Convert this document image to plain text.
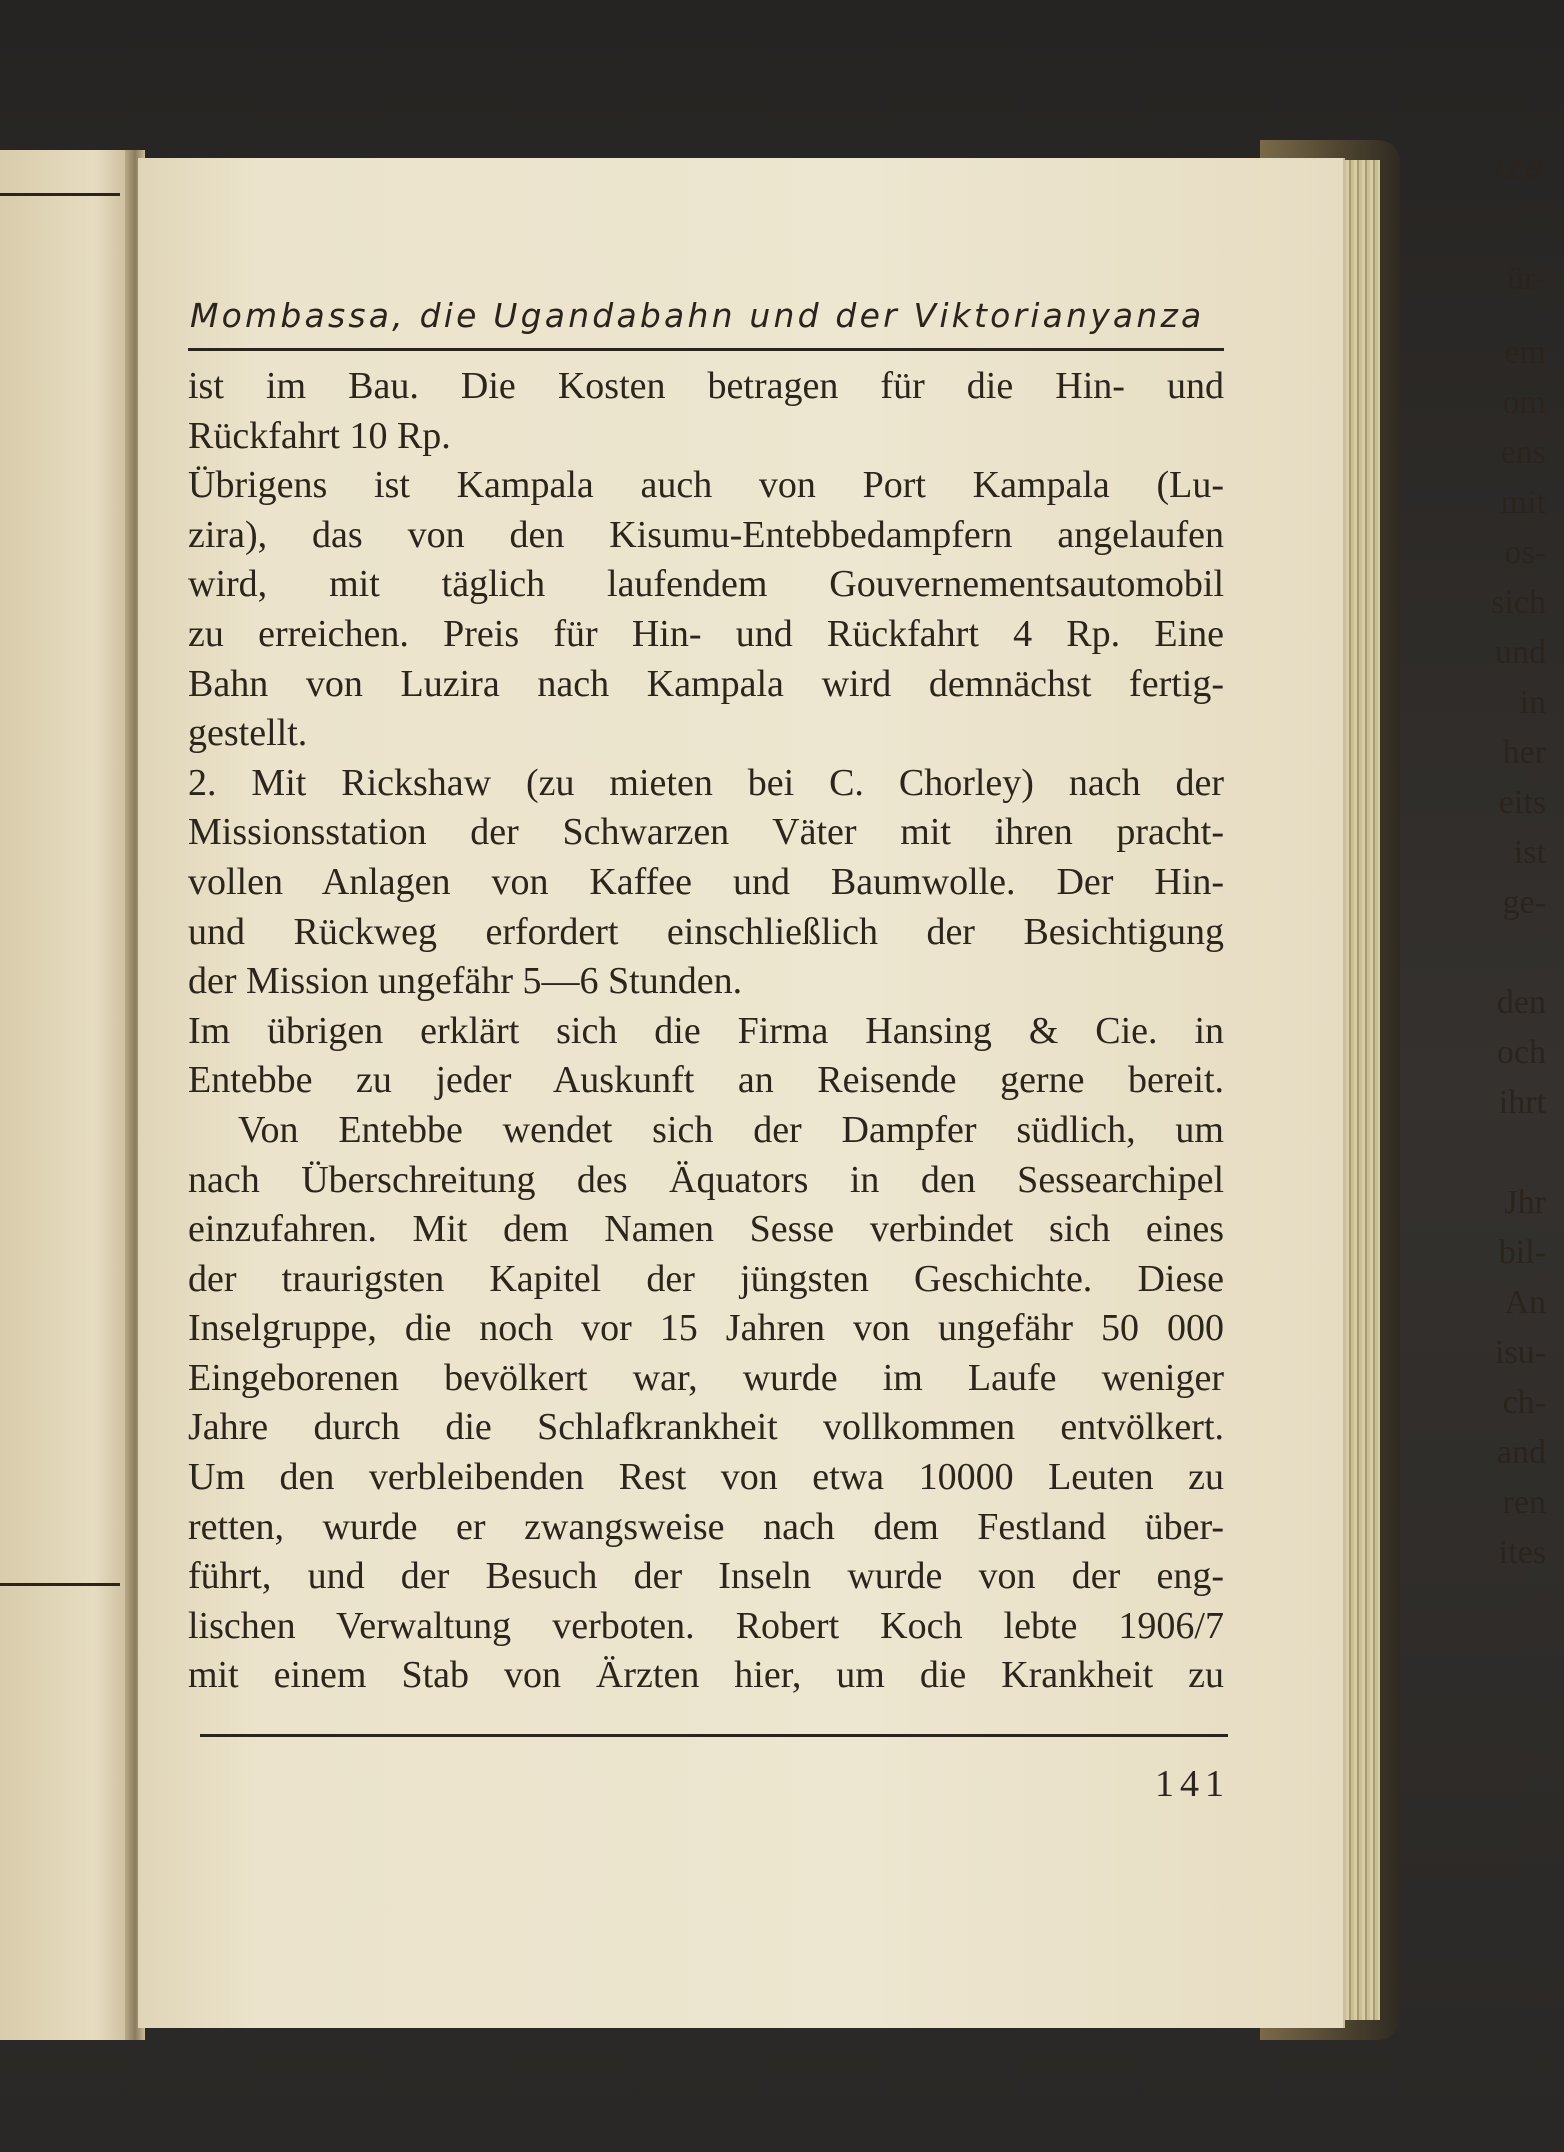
ıza
ür-
em
om
ens
mit
os-
sich
und
in
her
eits
ist
ge-
den
och
ihrt
Jhr
bil-
An
isu-
ch-
and
ren
ites
Mombassa, die Ugandabahn und der Viktorianyanza
ist im Bau. Die Kosten betragen für die Hin- und
Rückfahrt 10 Rp.
Übrigens ist Kampala auch von Port Kampala (Lu-
zira), das von den Kisumu-Entebbedampfern angelaufen
wird, mit täglich laufendem Gouvernementsautomobil
zu erreichen. Preis für Hin- und Rückfahrt 4 Rp. Eine
Bahn von Luzira nach Kampala wird demnächst fertig-
gestellt.
2. Mit Rickshaw (zu mieten bei C. Chorley) nach der
Missionsstation der Schwarzen Väter mit ihren pracht-
vollen Anlagen von Kaffee und Baumwolle. Der Hin-
und Rückweg erfordert einschließlich der Besichtigung
der Mission ungefähr 5—6 Stunden.
Im übrigen erklärt sich die Firma Hansing & Cie. in
Entebbe zu jeder Auskunft an Reisende gerne bereit.
Von Entebbe wendet sich der Dampfer südlich, um
nach Überschreitung des Äquators in den Sessearchipel
einzufahren. Mit dem Namen Sesse verbindet sich eines
der traurigsten Kapitel der jüngsten Geschichte. Diese
Inselgruppe, die noch vor 15 Jahren von ungefähr 50 000
Eingeborenen bevölkert war, wurde im Laufe weniger
Jahre durch die Schlafkrankheit vollkommen entvölkert.
Um den verbleibenden Rest von etwa 10000 Leuten zu
retten, wurde er zwangsweise nach dem Festland über-
führt, und der Besuch der Inseln wurde von der eng-
lischen Verwaltung verboten. Robert Koch lebte 1906/7
mit einem Stab von Ärzten hier, um die Krankheit zu
141
